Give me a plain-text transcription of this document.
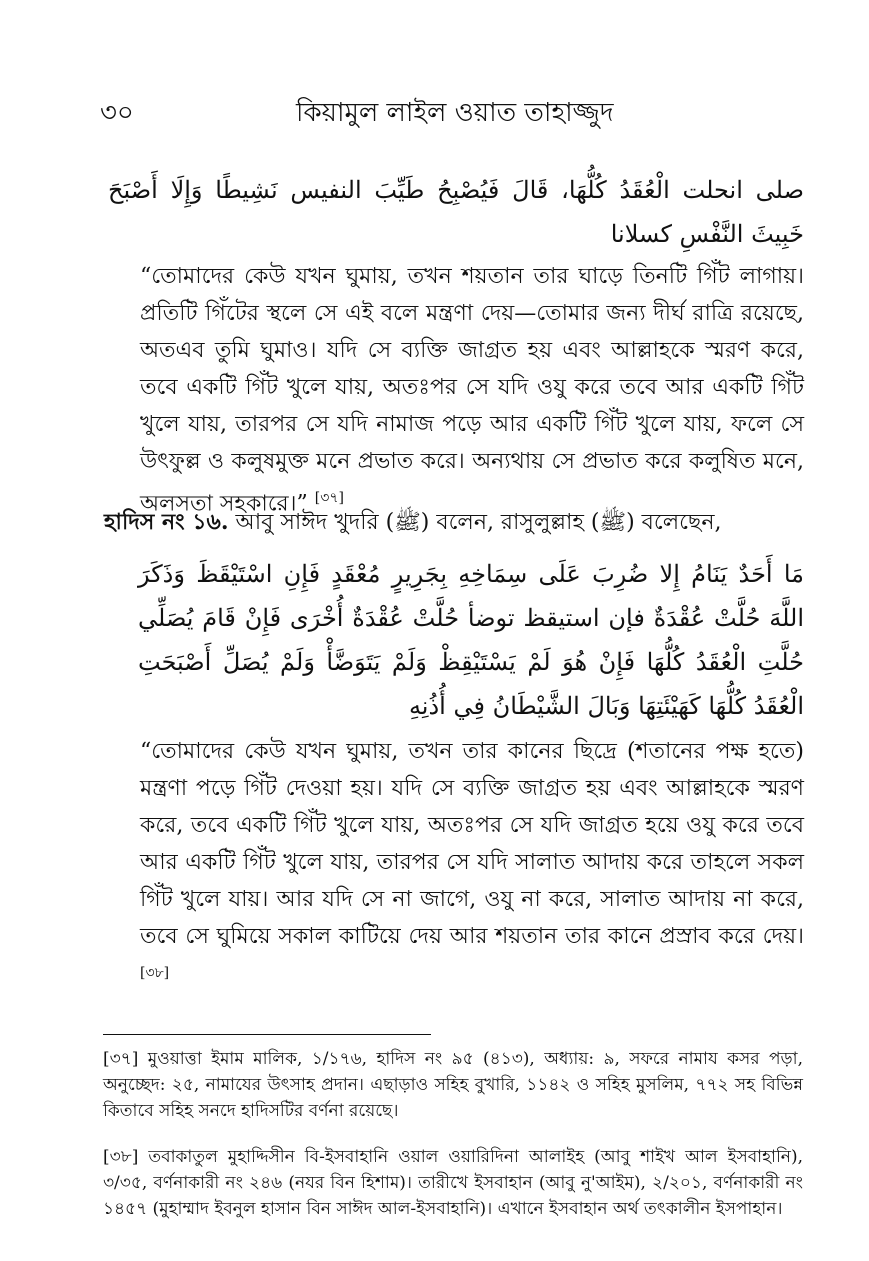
৩০	কিয়ামুল লাইল ওয়াত তাহাজ্জুদ
صلى انحلت الْعُقَدُ كُلُّهَا، قَالَ فَيُصْبِحُ طَيِّبَ النفيس نَشِيطًا وَإِلَا أَصْبَحَ خَبِيثَ النَّفْسِ كسلانا
“তোমাদের কেউ যখন ঘুমায়, তখন শয়তান তার ঘাড়ে তিনটি গিঁট লাগায়। প্রতিটি গিঁটের স্থলে সে এই বলে মন্ত্রণা দেয়—তোমার জন্য দীর্ঘ রাত্রি রয়েছে, অতএব তুমি ঘুমাও। যদি সে ব্যক্তি জাগ্রত হয় এবং আল্লাহকে স্মরণ করে, তবে একটি গিঁট খুলে যায়, অতঃপর সে যদি ওযু করে তবে আর একটি গিঁট খুলে যায়, তারপর সে যদি নামাজ পড়ে আর একটি গিঁট খুলে যায়, ফলে সে উৎফুল্ল ও কলুষমুক্ত মনে প্রভাত করে। অন্যথায় সে প্রভাত করে কলুষিত মনে, অলসতা সহকারে।” [৩৭]
হাদিস নং ১৬. আবু সাঈদ খুদরি (ﷺ) বলেন, রাসুলুল্লাহ (ﷺ) বলেছেন,
مَا أَحَدٌ يَنَامُ إِلا ضُرِبَ عَلَى سِمَاخِهِ بِجَرِيرٍ مُعْقَدٍ فَإِنِ اسْتَيْقَظَ وَذَكَرَ اللَّهَ حُلَّتْ عُقْدَةٌ فإن استيقظ توضأ حُلَّتْ عُقْدَةٌ أُخْرَى فَإِنْ قَامَ يُصَلِّي حُلَّتِ الْعُقَدُ كُلُّهَا فَإِنْ هُوَ لَمْ يَسْتَيْقِظْ وَلَمْ يَتَوَضَّأْ وَلَمْ يُصَلِّ أَصْبَحَتِ الْعُقَدُ كُلُّهَا كَهَيْئَتِهَا وَبَالَ الشَّيْطَانُ فِي أُذُنِهِ
“তোমাদের কেউ যখন ঘুমায়, তখন তার কানের ছিদ্রে (শতানের পক্ষ হতে) মন্ত্রণা পড়ে গিঁট দেওয়া হয়। যদি সে ব্যক্তি জাগ্রত হয় এবং আল্লাহকে স্মরণ করে, তবে একটি গিঁট খুলে যায়, অতঃপর সে যদি জাগ্রত হয়ে ওযু করে তবে আর একটি গিঁট খুলে যায়, তারপর সে যদি সালাত আদায় করে তাহলে সকল গিঁট খুলে যায়। আর যদি সে না জাগে, ওযু না করে, সালাত আদায় না করে, তবে সে ঘুমিয়ে সকাল কাটিয়ে দেয় আর শয়তান তার কানে প্রস্রাব করে দেয়।[৩৮]
[৩৭] মুওয়াত্তা ইমাম মালিক, ১/১৭৬, হাদিস নং ৯৫ (৪১৩), অধ্যায়: ৯, সফরে নামায কসর পড়া, অনুচ্ছেদ: ২৫, নামাযের উৎসাহ প্রদান। এছাড়াও সহিহ বুখারি, ১১৪২ ও সহিহ মুসলিম, ৭৭২ সহ বিভিন্ন কিতাবে সহিহ সনদে হাদিসটির বর্ণনা রয়েছে।
[৩৮] তবাকাতুল মুহাদ্দিসীন বি-ইসবাহানি ওয়াল ওয়ারিদিনা আলাইহ (আবু শাইখ আল ইসবাহানি), ৩/৩৫, বর্ণনাকারী নং ২৪৬ (নযর বিন হিশাম)। তারীখে ইসবাহান (আবু নু'আইম), ২/২০১, বর্ণনাকারী নং ১৪৫৭ (মুহাম্মাদ ইবনুল হাসান বিন সাঈদ আল-ইসবাহানি)। এখানে ইসবাহান অর্থ তৎকালীন ইসপাহান।
